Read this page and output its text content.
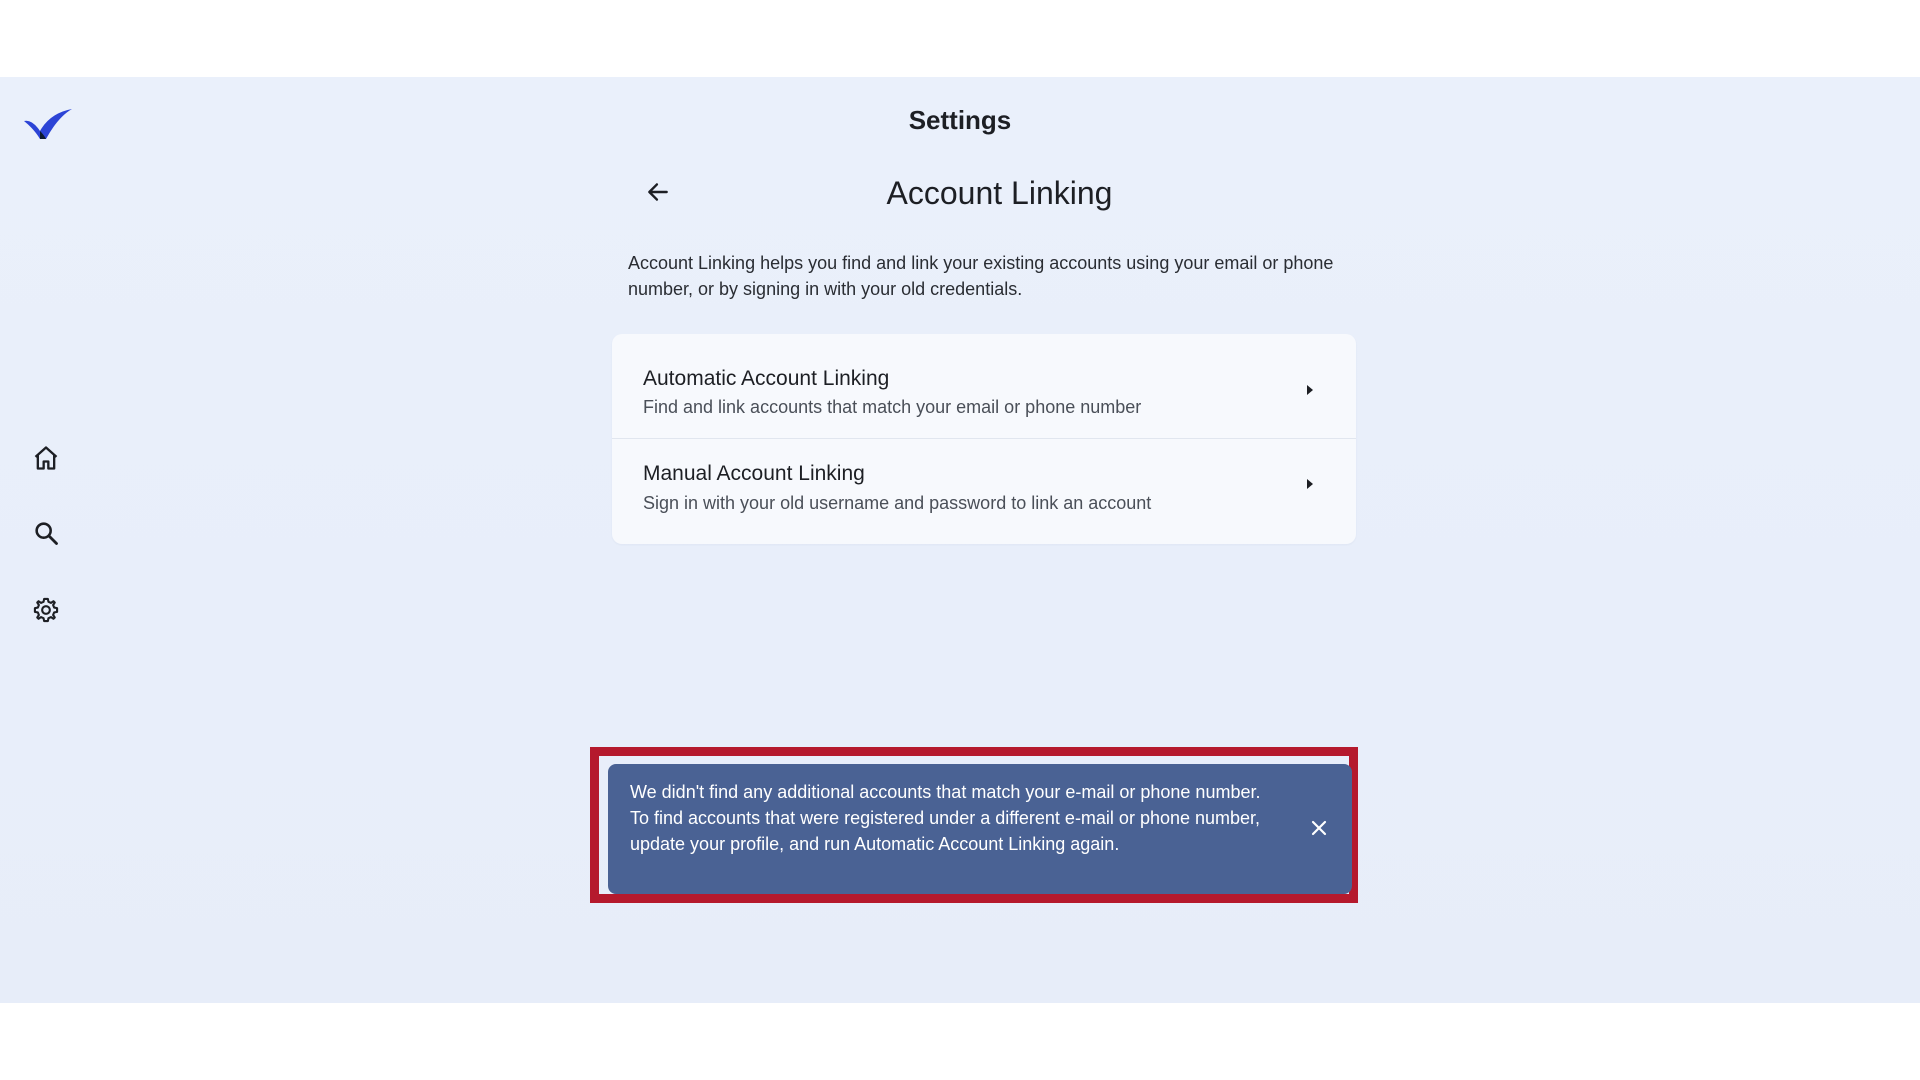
Settings
Account Linking
Account Linking helps you find and link your existing accounts using your email or phone number, or by signing in with your old credentials.
Automatic Account Linking
Find and link accounts that match your email or phone number
Manual Account Linking
Sign in with your old username and password to link an account
We didn't find any additional accounts that match your e-mail or phone number. To find accounts that were registered under a different e-mail or phone number, update your profile, and run Automatic Account Linking again.
